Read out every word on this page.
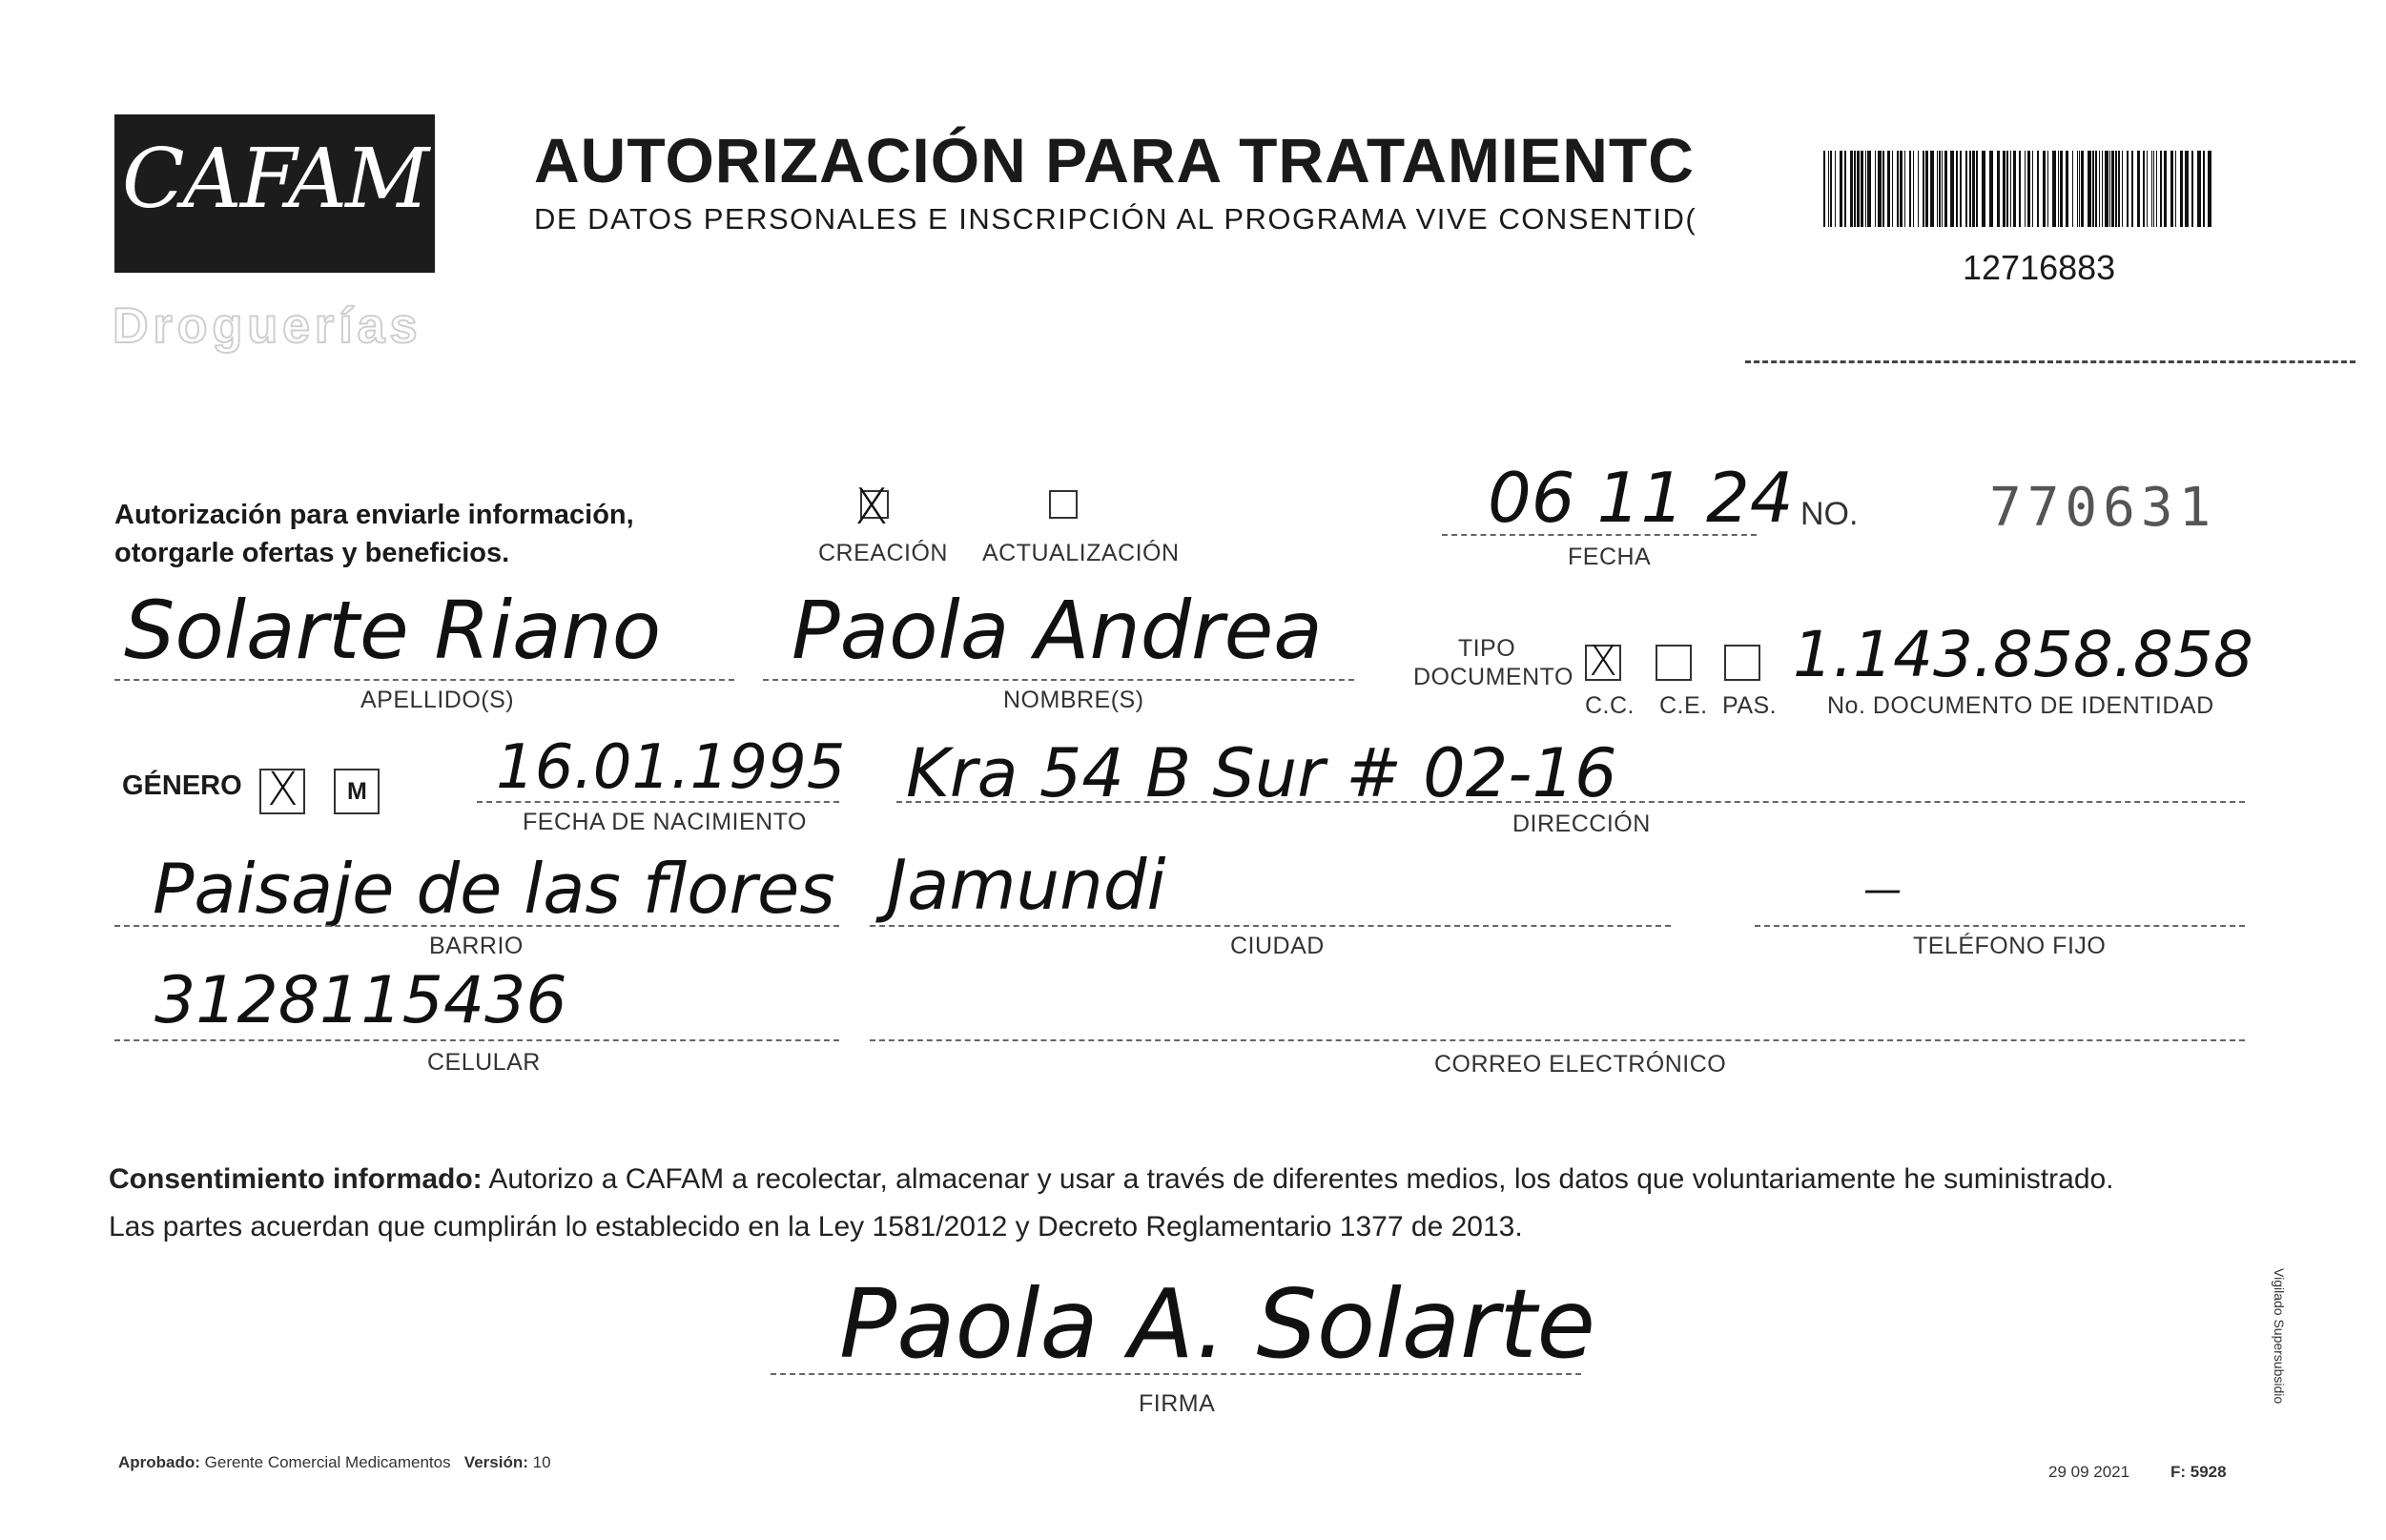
CAFAM
Droguerías
AUTORIZACIÓN PARA TRATAMIENTC
DE DATOS PERSONALES E INSCRIPCIÓN AL PROGRAMA VIVE CONSENTID(
12716883
Autorización para enviarle información,
otorgarle ofertas y beneficios.
X
CREACIÓN ACTUALIZACIÓN
06 11 24
FECHA
NO. 770631
Solarte Riano
APELLIDO(S)
Paola Andrea
NOMBRE(S)
TIPO
DOCUMENTO X
C.C. C.E. PAS.
1.143.858.858
No. DOCUMENTO DE IDENTIDAD
GÉNERO X M 16.01.1995
FECHA DE NACIMIENTO
Kra 54 B Sur # 02-16
DIRECCIÓN
Paisaje de las flores
BARRIO
Jamundi
CIUDAD
—
TELÉFONO FIJO
3128115436
CELULAR	CORREO ELECTRÓNICO
Consentimiento informado: Autorizo a CAFAM a recolectar, almacenar y usar a través de diferentes medios, los datos que voluntariamente he suministrado.
Las partes acuerdan que cumplirán lo establecido en la Ley 1581/2012 y Decreto Reglamentario 1377 de 2013.
Paola A. Solarte
FIRMA
Aprobado: Gerente Comercial Medicamentos Versión: 10
29 09 2021	F: 5928
Vigilado Supersubsidio
